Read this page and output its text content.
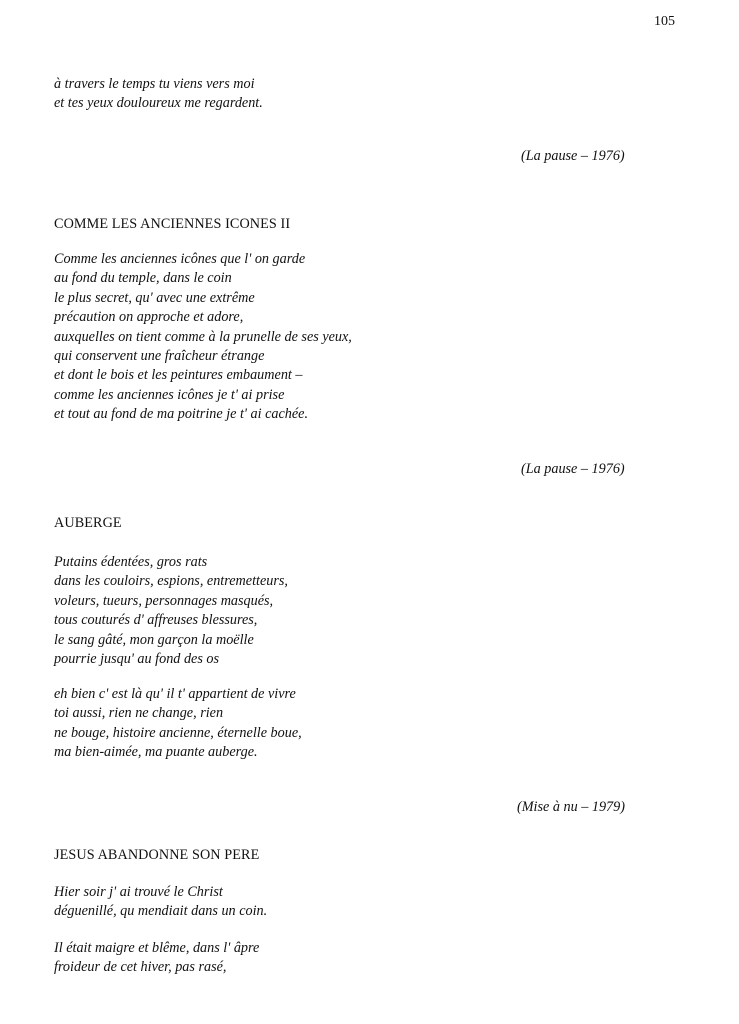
105
à travers le temps tu viens vers moi
et tes yeux douloureux me regardent.
(La pause – 1976)
COMME LES ANCIENNES ICONES II
Comme les anciennes icônes que l' on garde
au fond du temple, dans le coin
le plus secret, qu' avec une extrême
précaution on approche et adore,
auxquelles on tient comme à la prunelle de ses yeux,
qui conservent une fraîcheur étrange
et dont le bois et les peintures embaument –
comme les anciennes icônes je t' ai prise
et tout au fond de ma poitrine je t' ai cachée.
(La pause – 1976)
AUBERGE
Putains édentées, gros rats
dans les couloirs, espions, entremetteurs,
voleurs, tueurs, personnages masqués,
tous couturés d' affreuses blessures,
le sang gâté, mon garçon la moëlle
pourrie jusqu' au fond des os
eh bien c' est là qu' il t' appartient de vivre
toi aussi, rien ne change, rien
ne bouge, histoire ancienne, éternelle boue,
ma bien-aimée, ma puante auberge.
(Mise à nu – 1979)
JESUS ABANDONNE SON PERE
Hier soir j' ai trouvé le Christ
déguenillé, qu mendiait dans un coin.
Il était maigre et blême, dans l' âpre
froideur de cet hiver, pas rasé,
